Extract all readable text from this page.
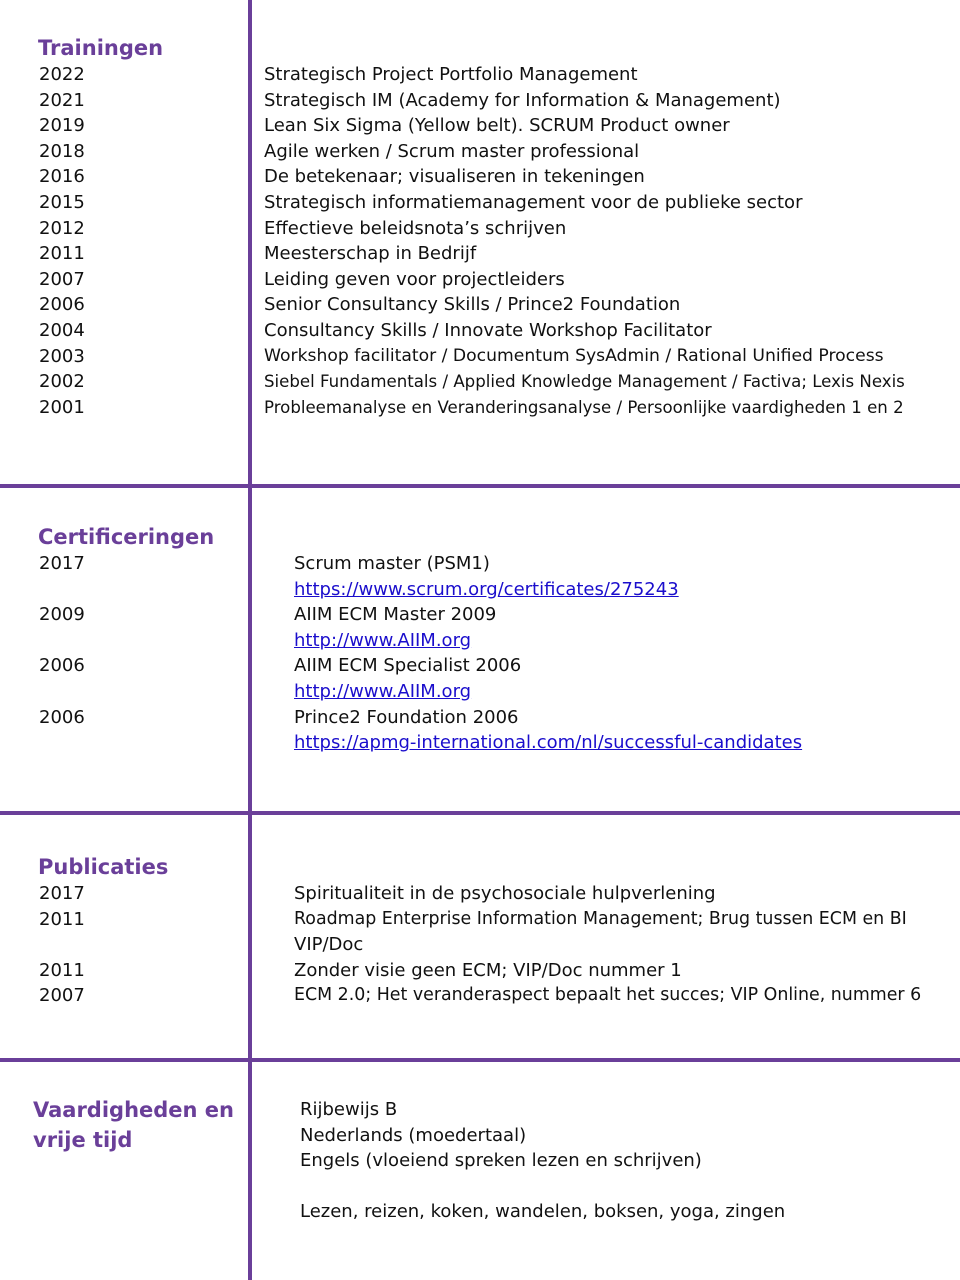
Trainingen
2022	Strategisch Project Portfolio Management
2021	Strategisch IM (Academy for Information & Management)
2019	Lean Six Sigma (Yellow belt). SCRUM Product owner
2018	Agile werken / Scrum master professional
2016	De betekenaar; visualiseren in tekeningen
2015	Strategisch informatiemanagement voor de publieke sector
2012	Effectieve beleidsnota’s schrijven
2011	Meesterschap in Bedrijf
2007	Leiding geven voor projectleiders
2006	Senior Consultancy Skills / Prince2 Foundation
2004	Consultancy Skills / Innovate Workshop Facilitator
2003	Workshop facilitator / Documentum SysAdmin / Rational Unified Process
2002	Siebel Fundamentals / Applied Knowledge Management / Factiva; Lexis Nexis
2001	Probleemanalyse en Veranderingsanalyse / Persoonlijke vaardigheden 1 en 2
Certificeringen
2017	Scrum master (PSM1)
https://www.scrum.org/certificates/275243
2009	AIIM ECM Master 2009
http://www.AIIM.org
2006	AIIM ECM Specialist 2006
http://www.AIIM.org
2006	Prince2 Foundation 2006
https://apmg-international.com/nl/successful-candidates
Publicaties
2017	Spiritualiteit in de psychosociale hulpverlening
2011	Roadmap Enterprise Information Management; Brug tussen ECM en BI
VIP/Doc
2011	Zonder visie geen ECM; VIP/Doc nummer 1
2007	ECM 2.0; Het veranderaspect bepaalt het succes; VIP Online, nummer 6
Vaardigheden en
vrije tijd
Rijbewijs B
Nederlands (moedertaal)
Engels (vloeiend spreken lezen en schrijven)
Lezen, reizen, koken, wandelen, boksen, yoga, zingen
